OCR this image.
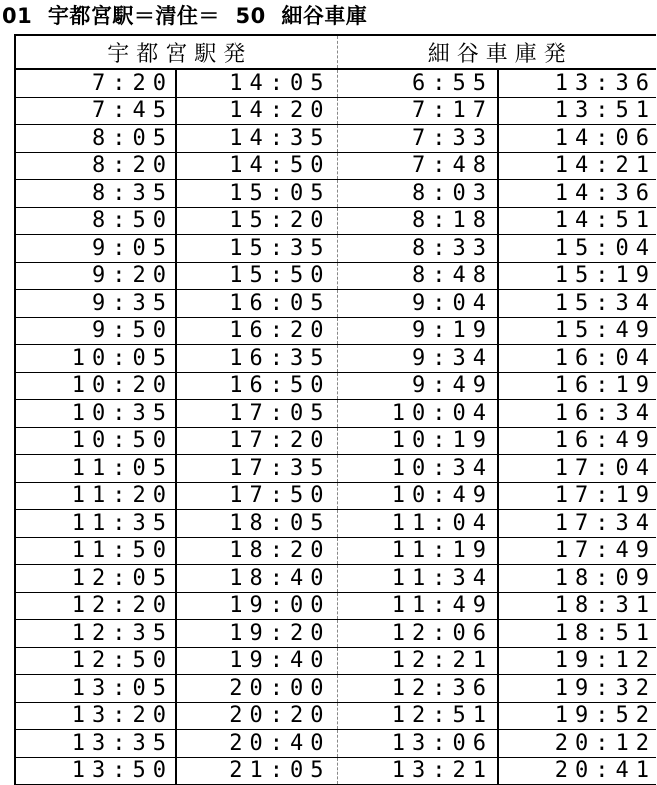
01 宇都宮駅＝清住＝ 50 細谷車庫
宇 都 宮 駅 発		細 谷 車 庫 発	
7:20	14:05	6:55	13:36
7:45	14:20	7:17	13:51
8:05	14:35	7:33	14:06
8:20	14:50	7:48	14:21
8:35	15:05	8:03	14:36
8:50	15:20	8:18	14:51
9:05	15:35	8:33	15:04
9:20	15:50	8:48	15:19
9:35	16:05	9:04	15:34
9:50	16:20	9:19	15:49
10:05	16:35	9:34	16:04
10:20	16:50	9:49	16:19
10:35	17:05	10:04	16:34
10:50	17:20	10:19	16:49
11:05	17:35	10:34	17:04
11:20	17:50	10:49	17:19
11:35	18:05	11:04	17:34
11:50	18:20	11:19	17:49
12:05	18:40	11:34	18:09
12:20	19:00	11:49	18:31
12:35	19:20	12:06	18:51
12:50	19:40	12:21	19:12
13:05	20:00	12:36	19:32
13:20	20:20	12:51	19:52
13:35	20:40	13:06	20:12
13:50	21:05	13:21	20:41
